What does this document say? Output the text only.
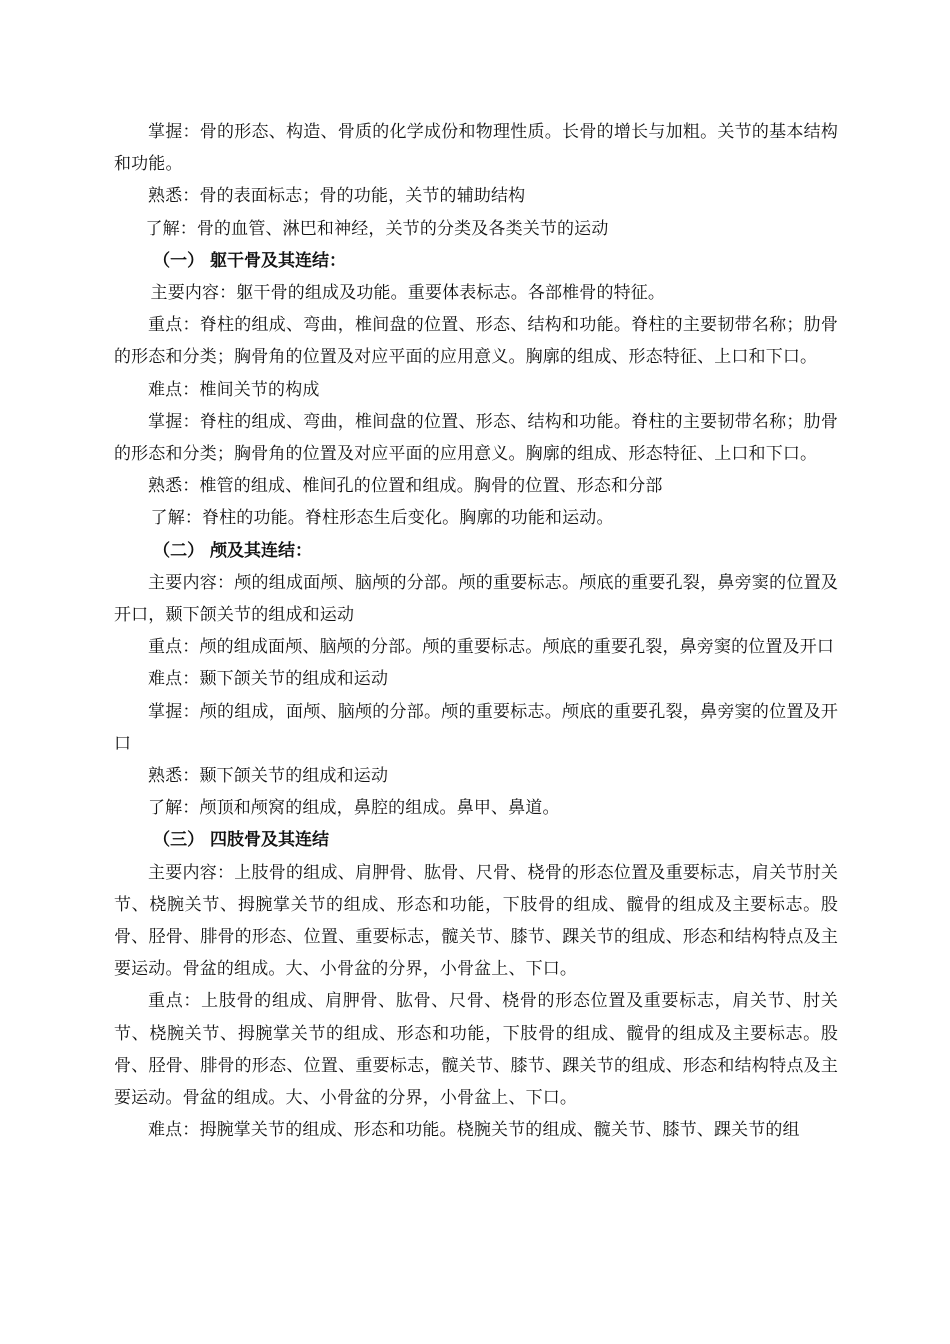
掌握：骨的形态、构造、骨质的化学成份和物理性质。长骨的增长与加粗。关节的基本结构和功能。

熟悉：骨的表面标志；骨的功能，关节的辅助结构

了解：骨的血管、淋巴和神经，关节的分类及各类关节的运动

（一） 躯干骨及其连结：

主要内容：躯干骨的组成及功能。重要体表标志。各部椎骨的特征。

重点：脊柱的组成、弯曲，椎间盘的位置、形态、结构和功能。脊柱的主要韧带名称；肋骨的形态和分类；胸骨角的位置及对应平面的应用意义。胸廓的组成、形态特征、上口和下口。

难点：椎间关节的构成

掌握：脊柱的组成、弯曲，椎间盘的位置、形态、结构和功能。脊柱的主要韧带名称；肋骨的形态和分类；胸骨角的位置及对应平面的应用意义。胸廓的组成、形态特征、上口和下口。

熟悉：椎管的组成、椎间孔的位置和组成。胸骨的位置、形态和分部

了解：脊柱的功能。脊柱形态生后变化。胸廓的功能和运动。

（二） 颅及其连结：

主要内容：颅的组成面颅、脑颅的分部。颅的重要标志。颅底的重要孔裂，鼻旁窦的位置及开口，颞下颌关节的组成和运动

重点：颅的组成面颅、脑颅的分部。颅的重要标志。颅底的重要孔裂，鼻旁窦的位置及开口

难点：颞下颌关节的组成和运动

掌握：颅的组成，面颅、脑颅的分部。颅的重要标志。颅底的重要孔裂，鼻旁窦的位置及开口

熟悉：颞下颌关节的组成和运动

了解：颅顶和颅窝的组成，鼻腔的组成。鼻甲、鼻道。

（三） 四肢骨及其连结

主要内容：上肢骨的组成、肩胛骨、肱骨、尺骨、桡骨的形态位置及重要标志，肩关节肘关节、桡腕关节、拇腕掌关节的组成、形态和功能，下肢骨的组成、髋骨的组成及主要标志。股骨、胫骨、腓骨的形态、位置、重要标志，髋关节、膝节、踝关节的组成、形态和结构特点及主要运动。骨盆的组成。大、小骨盆的分界，小骨盆上、下口。

重点：上肢骨的组成、肩胛骨、肱骨、尺骨、桡骨的形态位置及重要标志，肩关节、肘关节、桡腕关节、拇腕掌关节的组成、形态和功能，下肢骨的组成、髋骨的组成及主要标志。股骨、胫骨、腓骨的形态、位置、重要标志，髋关节、膝节、踝关节的组成、形态和结构特点及主要运动。骨盆的组成。大、小骨盆的分界，小骨盆上、下口。

难点：拇腕掌关节的组成、形态和功能。桡腕关节的组成、髋关节、膝节、踝关节的组
